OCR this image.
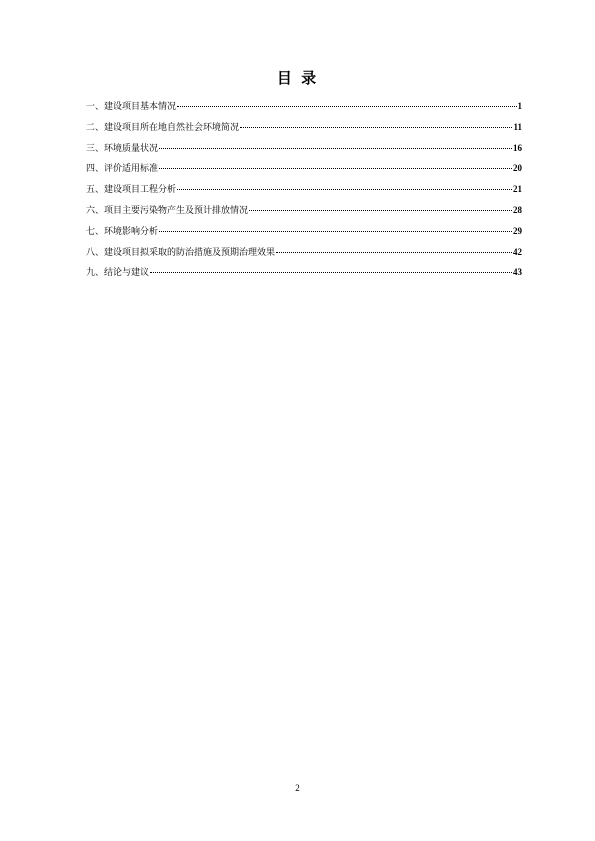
目 录
一、建设项目基本情况	1
二、建设项目所在地自然社会环境简况	11
三、环境质量状况	16
四、评价适用标准	20
五、建设项目工程分析	21
六、项目主要污染物产生及预计排放情况	28
七、环境影响分析	29
八、建设项目拟采取的防治措施及预期治理效果	42
九、结论与建议	43
2
